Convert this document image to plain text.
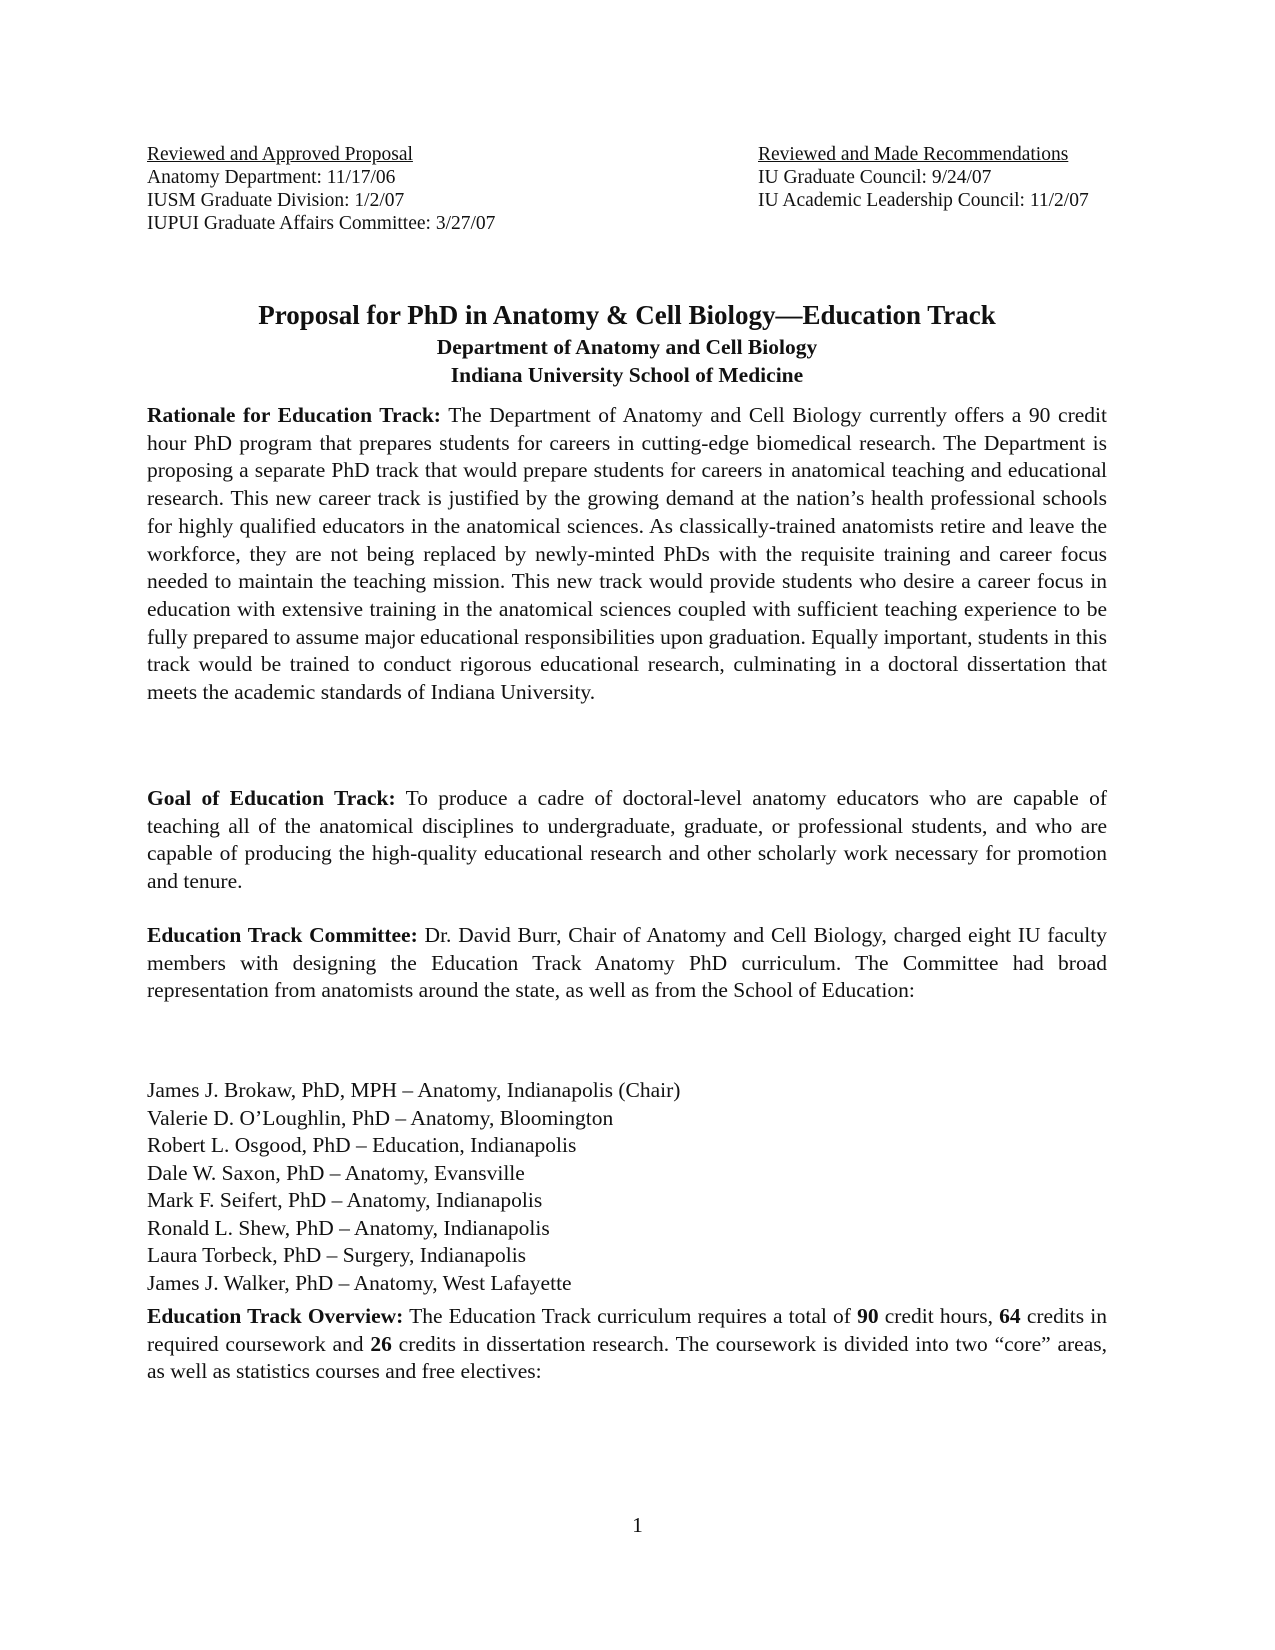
Reviewed and Approved Proposal
Anatomy Department: 11/17/06
IUSM Graduate Division: 1/2/07
IUPUI Graduate Affairs Committee: 3/27/07
Reviewed and Made Recommendations
IU Graduate Council: 9/24/07
IU Academic Leadership Council: 11/2/07
Proposal for PhD in Anatomy & Cell Biology—Education Track
Department of Anatomy and Cell Biology
Indiana University School of Medicine

Rationale for Education Track: The Department of Anatomy and Cell Biology currently offers a 90 credit hour PhD program that prepares students for careers in cutting-edge biomedical research. The Department is proposing a separate PhD track that would prepare students for careers in anatomical teaching and educational research. This new career track is justified by the growing demand at the nation’s health professional schools for highly qualified educators in the anatomical sciences. As classically-trained anatomists retire and leave the workforce, they are not being replaced by newly-minted PhDs with the requisite training and career focus needed to maintain the teaching mission. This new track would provide students who desire a career focus in education with extensive training in the anatomical sciences coupled with sufficient teaching experience to be fully prepared to assume major educational responsibilities upon graduation. Equally important, students in this track would be trained to conduct rigorous educational research, culminating in a doctoral dissertation that meets the academic standards of Indiana University.

Goal of Education Track: To produce a cadre of doctoral-level anatomy educators who are capable of teaching all of the anatomical disciplines to undergraduate, graduate, or professional students, and who are capable of producing the high-quality educational research and other scholarly work necessary for promotion and tenure.

Education Track Committee: Dr. David Burr, Chair of Anatomy and Cell Biology, charged eight IU faculty members with designing the Education Track Anatomy PhD curriculum. The Committee had broad representation from anatomists around the state, as well as from the School of Education:

James J. Brokaw, PhD, MPH – Anatomy, Indianapolis (Chair)
Valerie D. O’Loughlin, PhD – Anatomy, Bloomington
Robert L. Osgood, PhD – Education, Indianapolis
Dale W. Saxon, PhD – Anatomy, Evansville
Mark F. Seifert, PhD – Anatomy, Indianapolis
Ronald L. Shew, PhD – Anatomy, Indianapolis
Laura Torbeck, PhD – Surgery, Indianapolis
James J. Walker, PhD – Anatomy, West Lafayette

Education Track Overview: The Education Track curriculum requires a total of 90 credit hours, 64 credits in required coursework and 26 credits in dissertation research. The coursework is divided into two “core” areas, as well as statistics courses and free electives:

1
